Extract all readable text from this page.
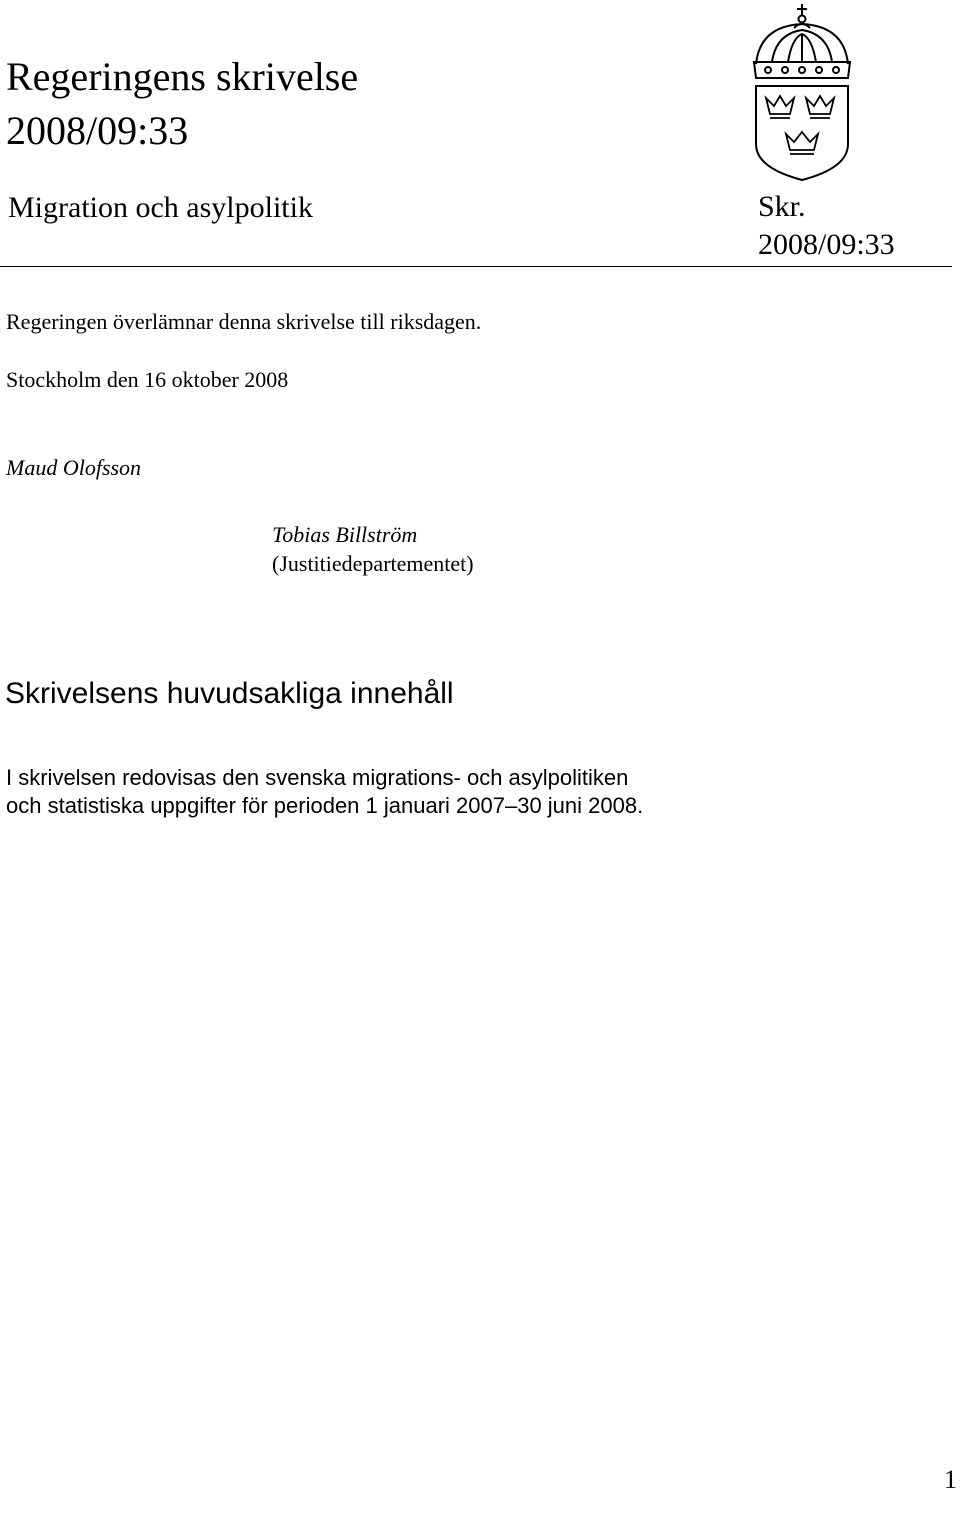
Regeringens skrivelse
2008/09:33
Migration och asylpolitik	Skr.
2008/09:33
Regeringen överlämnar denna skrivelse till riksdagen.
Stockholm den 16 oktober 2008
Maud Olofsson
Tobias Billström
(Justitiedepartementet)
Skrivelsens huvudsakliga innehåll
I skrivelsen redovisas den svenska migrations- och asylpolitiken
och statistiska uppgifter för perioden 1 januari 2007–30 juni 2008.
1
